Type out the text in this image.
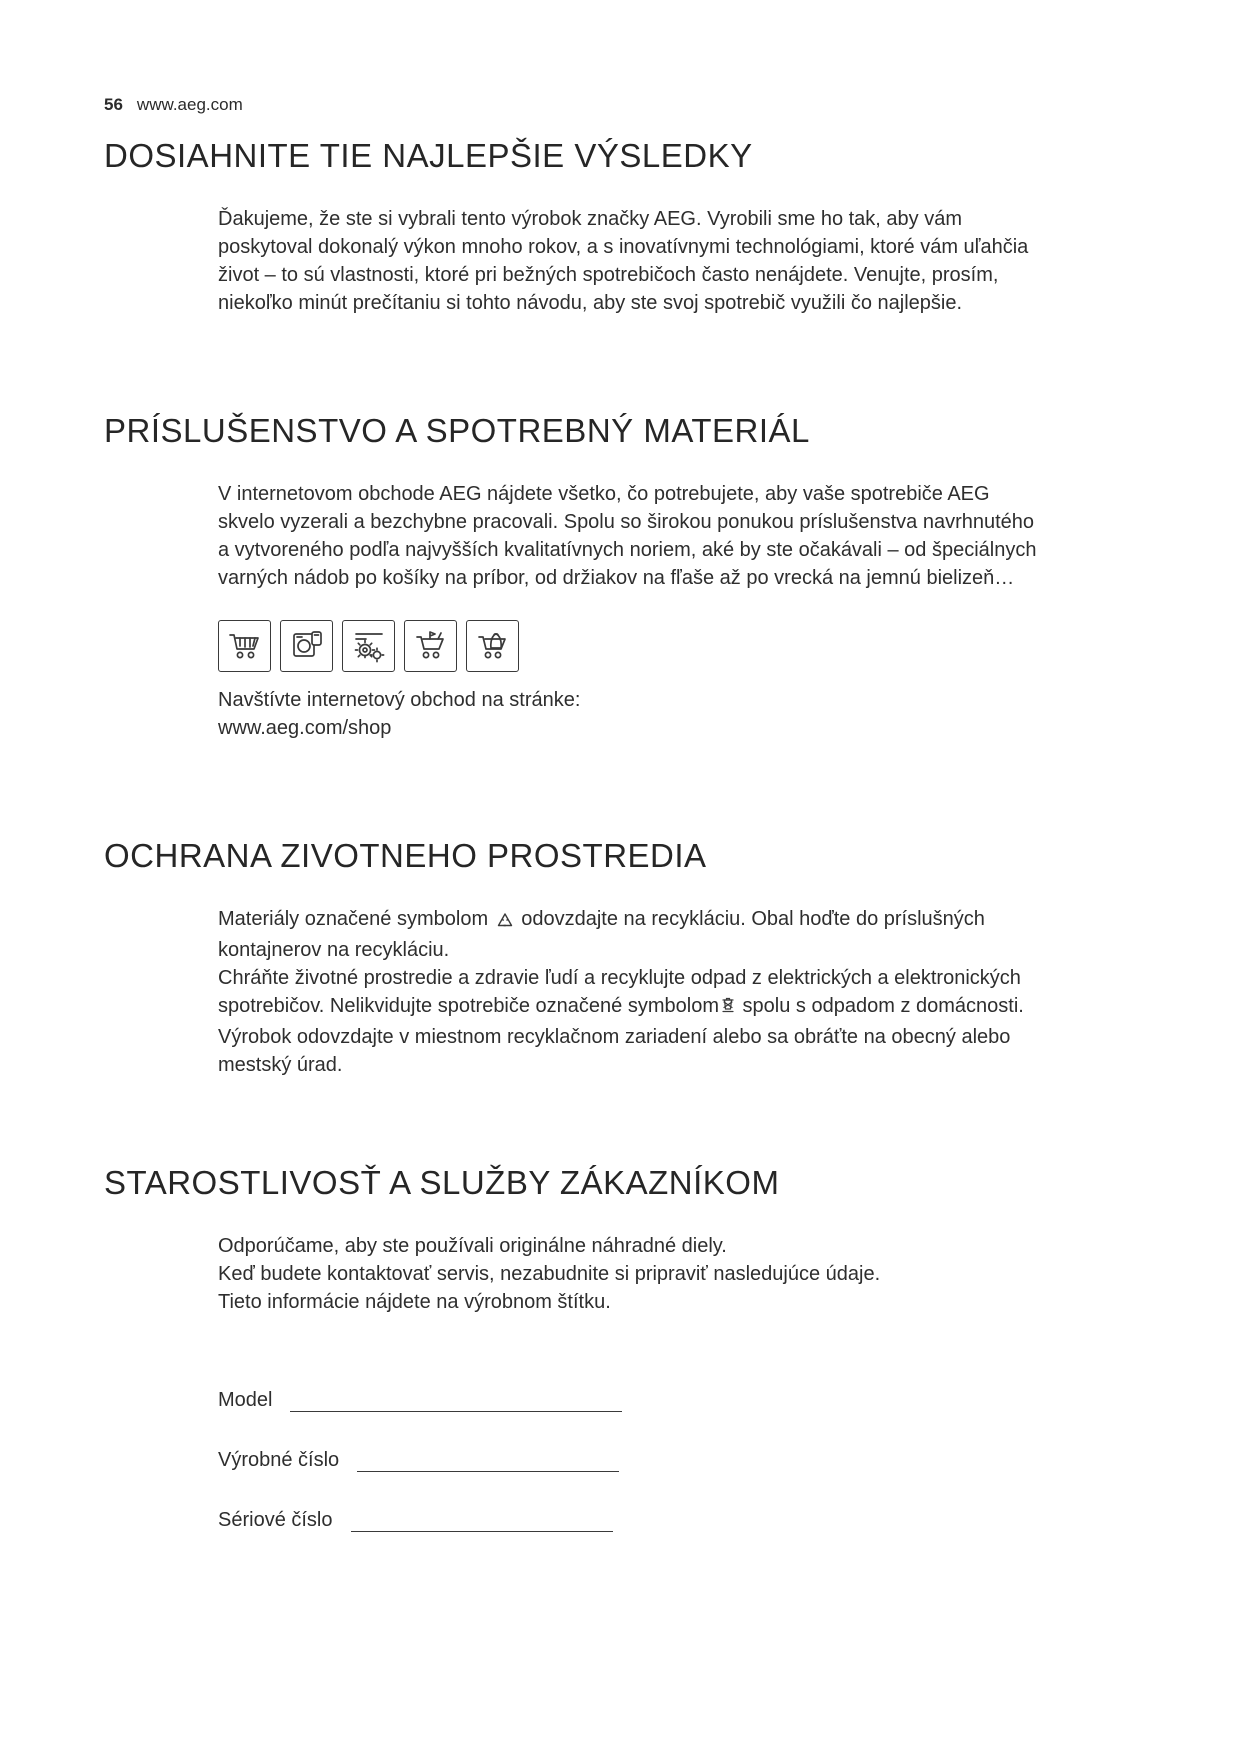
56 www.aeg.com
DOSIAHNITE TIE NAJLEPŠIE VÝSLEDKY

Ďakujeme, že ste si vybrali tento výrobok značky AEG. Vyrobili sme ho tak, aby vám poskytoval dokonalý výkon mnoho rokov, a s inovatívnymi technológiami, ktoré vám uľahčia život – to sú vlastnosti, ktoré pri bežných spotrebičoch často nenájdete. Venujte, prosím, niekoľko minút prečítaniu si tohto návodu, aby ste svoj spotrebič využili čo najlepšie.

PRÍSLUŠENSTVO A SPOTREBNÝ MATERIÁL

V internetovom obchode AEG nájdete všetko, čo potrebujete, aby vaše spotrebiče AEG skvelo vyzerali a bezchybne pracovali. Spolu so širokou ponukou príslušenstva navrhnutého a vytvoreného podľa najvyšších kvalitatívnych noriem, aké by ste očakávali – od špeciálnych varných nádob po košíky na príbor, od držiakov na fľaše až po vrecká na jemnú bielizeň…

Navštívte internetový obchod na stránke:
www.aeg.com/shop
OCHRANA ZIVOTNEHO PROSTREDIA

Materiály označené symbolom  odovzdajte na recykláciu. Obal hoďte do príslušných kontajnerov na recykláciu.
Chráňte životné prostredie a zdravie ľudí a recyklujte odpad z elektrických a elektronických spotrebičov. Nelikvidujte spotrebiče označené symbolom spolu s odpadom z domácnosti. Výrobok odovzdajte v miestnom recyklačnom zariadení alebo sa obráťte na obecný alebo mestský úrad.

STAROSTLIVOSŤ A SLUŽBY ZÁKAZNÍKOM

Odporúčame, aby ste používali originálne náhradné diely.
Keď budete kontaktovať servis, nezabudnite si pripraviť nasledujúce údaje.
Tieto informácie nájdete na výrobnom štítku.

Model
Výrobné číslo
Sériové číslo
